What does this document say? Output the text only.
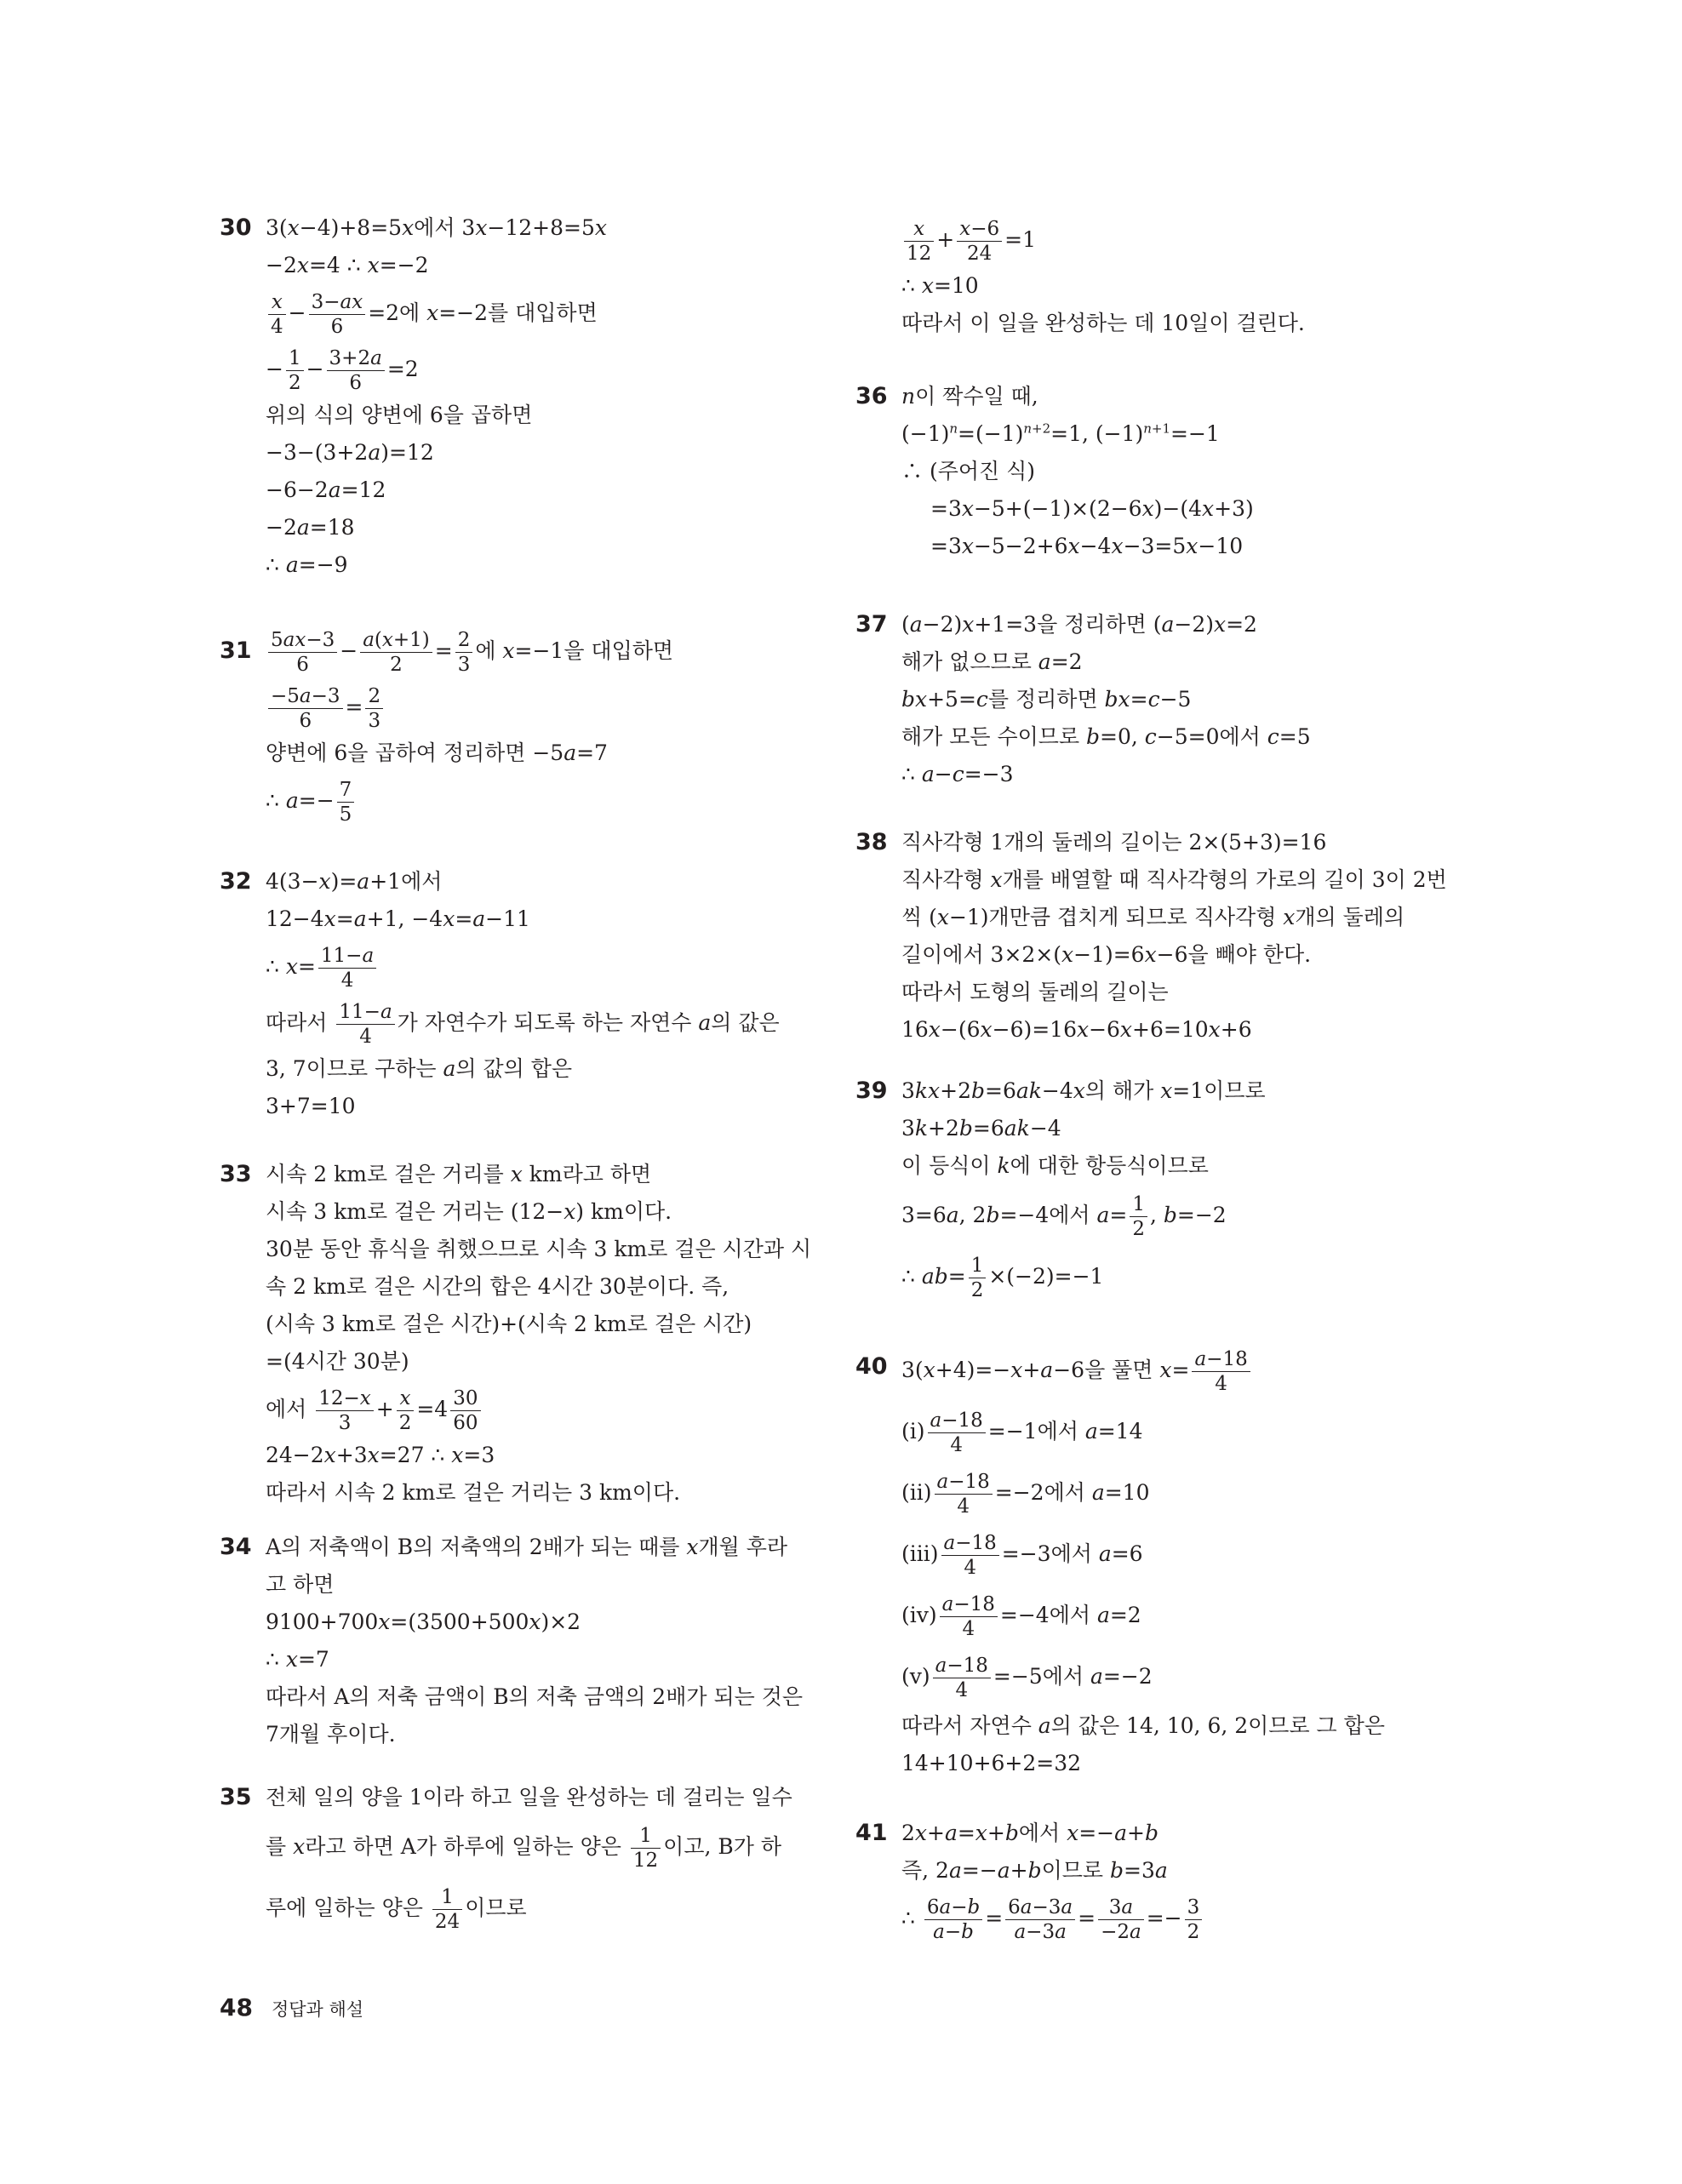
30 3(𝑥−4)+8=5𝑥에서 3𝑥−12+8=5𝑥
−2𝑥=4 ∴ 𝑥=−2
$\frac{\text{𝑥}}{4} - \frac{\text{3−𝑎𝑥}}{6} =2$에 𝑥=−2를 대입하면
− $\frac{1}{2} - \frac{\text{3+2𝑎}}{6} =2$
위의 식의 양변에 6을 곱하면
−3−(3+2𝑎)=12
−6−2𝑎=12
−2𝑎=18
∴ 𝑎=−9
$31 \frac{\text{5𝑎𝑥−3}}{6} - \frac{\text{𝑎(𝑥+1)}}{2} = \frac{2}{3}$ 에 𝑥=−1을 대입하면
$\frac{\text{−5𝑎−3}}{6} = \frac{2}{3}$
양변에 6을 곱하여 정리하면 −5𝑎=7
∴ 𝑎=− $\frac{7}{5}$
32 4(3−𝑥)=𝑎+1에서
12−4𝑥=𝑎+1, −4𝑥=𝑎−11
∴ 𝑥= $\frac{\text{11−𝑎}}{4}$
따라서 $\frac{\text{11−𝑎}}{4}$ 가 자연수가 되도록 하는 자연수 𝑎의 값은
3, 7이므로 구하는 𝑎의 값의 합은
3+7=10
33 시속 2 km로 걸은 거리를 𝑥 km라고 하면
시속 3 km로 걸은 거리는 (12−𝑥) km이다.
30분 동안 휴식을 취했으므로 시속 3 km로 걸은 시간과 시
속 2 km로 걸은 시간의 합은 4시간 30분이다. 즉,
(시속 3 km로 걸은 시간)+(시속 2 km로 걸은 시간)
=(4시간 30분)
에서 $\frac{\text{12−𝑥}}{3} + \frac{\text{𝑥}}{2} =4 \frac{30}{60}$
24−2𝑥+3𝑥=27 ∴ 𝑥=3
따라서 시속 2 km로 걸은 거리는 3 km이다.
34 A의 저축액이 B의 저축액의 2배가 되는 때를 𝑥개월 후라
고 하면
9100+700𝑥=(3500+500𝑥)×2
∴ 𝑥=7
따라서 A의 저축 금액이 B의 저축 금액의 2배가 되는 것은
7개월 후이다.
35 전체 일의 양을 1이라 하고 일을 완성하는 데 걸리는 일수
를 𝑥라고 하면 A가 하루에 일하는 양은 $\frac{1}{12}$ 이고, B가 하
루에 일하는 양은 $\frac{1}{24}$ 이므로
$\frac{\text{𝑥}}{12} + \frac{\text{𝑥−6}}{24} =1$
∴ 𝑥=10
따라서 이 일을 완성하는 데 10일이 걸린다.
36 𝑛이 짝수일 때,
$(-1)^𝑛=(-1)^{𝑛+2}=1$, $(-1)^{𝑛+1}=-1$
∴ (주어진 식)
=3𝑥−5+(−1)×(2−6𝑥)−(4𝑥+3)
=3𝑥−5−2+6𝑥−4𝑥−3=5𝑥−10
37 (𝑎−2)𝑥+1=3을 정리하면 (𝑎−2)𝑥=2
해가 없으므로 𝑎=2
𝑏𝑥+5=𝑐를 정리하면 𝑏𝑥=𝑐−5
해가 모든 수이므로 𝑏=0, 𝑐−5=0에서 𝑐=5
∴ 𝑎−𝑐=−3
38 직사각형 1개의 둘레의 길이는 2×(5+3)=16
직사각형 𝑥개를 배열할 때 직사각형의 가로의 길이 3이 2번
씩 (𝑥−1)개만큼 겹치게 되므로 직사각형 𝑥개의 둘레의
길이에서 3×2×(𝑥−1)=6𝑥−6을 빼야 한다.
따라서 도형의 둘레의 길이는
16𝑥−(6𝑥−6)=16𝑥−6𝑥+6=10𝑥+6
39 3𝑘𝑥+2𝑏=6𝑎𝑘−4𝑥의 해가 𝑥=1이므로
3𝑘+2𝑏=6𝑎𝑘−4
이 등식이 𝑘에 대한 항등식이므로
3=6𝑎, 2𝑏=−4에서 𝑎= $\frac{1}{2}$ , 𝑏=−2
∴ 𝑎𝑏= $\frac{1}{2} \times(-2)=-1$
40 3(𝑥+4)=−𝑥+𝑎−6을 풀면 𝑥= $\frac{\text{𝑎−18}}{4}$
(ⅰ) $\frac{\text{𝑎−18}}{4} =-1$에서 𝑎=14
(ⅱ) $\frac{\text{𝑎−18}}{4} =-2$에서 𝑎=10
(ⅲ) $\frac{\text{𝑎−18}}{4} =-3$에서 𝑎=6
(ⅳ) $\frac{\text{𝑎−18}}{4} =-4$에서 𝑎=2
(ⅴ) $\frac{\text{𝑎−18}}{4} =-5$에서 𝑎=−2
따라서 자연수 𝑎의 값은 14, 10, 6, 2이므로 그 합은
14+10+6+2=32
41 2𝑥+𝑎=𝑥+𝑏에서 𝑥=−𝑎+𝑏
즉, 2𝑎=−𝑎+𝑏이므로 𝑏=3𝑎
∴ $\frac{\text{6𝑎−𝑏}}{\text{𝑎−𝑏}} = \frac{\text{6𝑎−3𝑎}}{\text{𝑎−3𝑎}} = \frac{\text{3𝑎}}{\text{−2𝑎}} =- \frac{3}{2}$
48 정답과 해설
